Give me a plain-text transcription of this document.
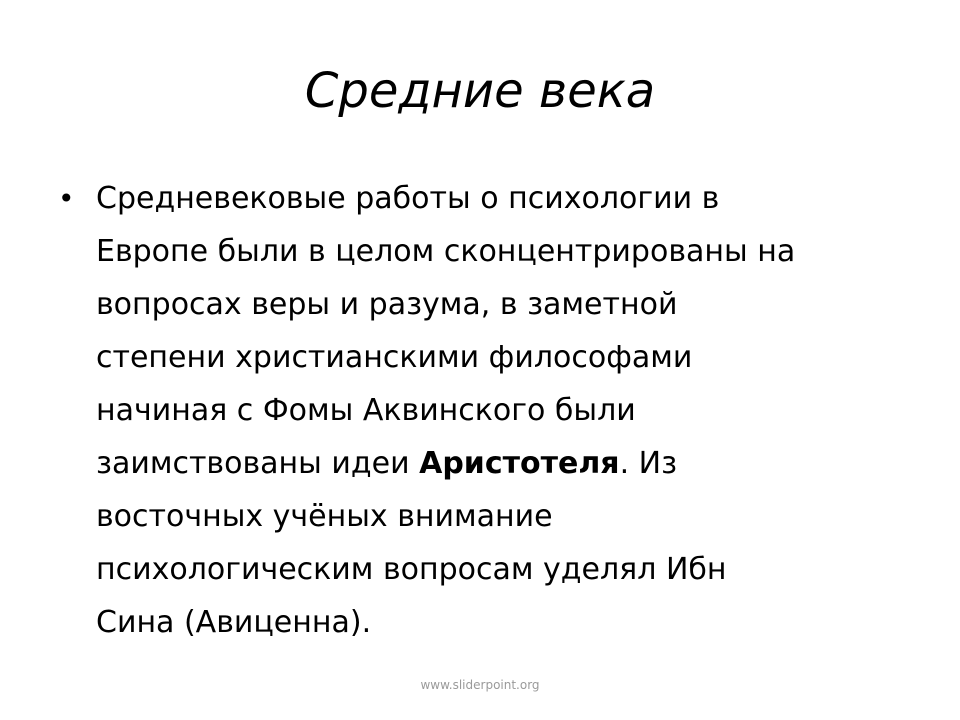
Средние века
• Средневековые работы о психологии в
Европе были в целом сконцентрированы на
вопросах веры и разума, в заметной
степени христианскими философами
начиная с Фомы Аквинского были
заимствованы идеи Аристотеля. Из
восточных учёных внимание
психологическим вопросам уделял Ибн
Сина (Авиценна).
www.sliderpoint.org
